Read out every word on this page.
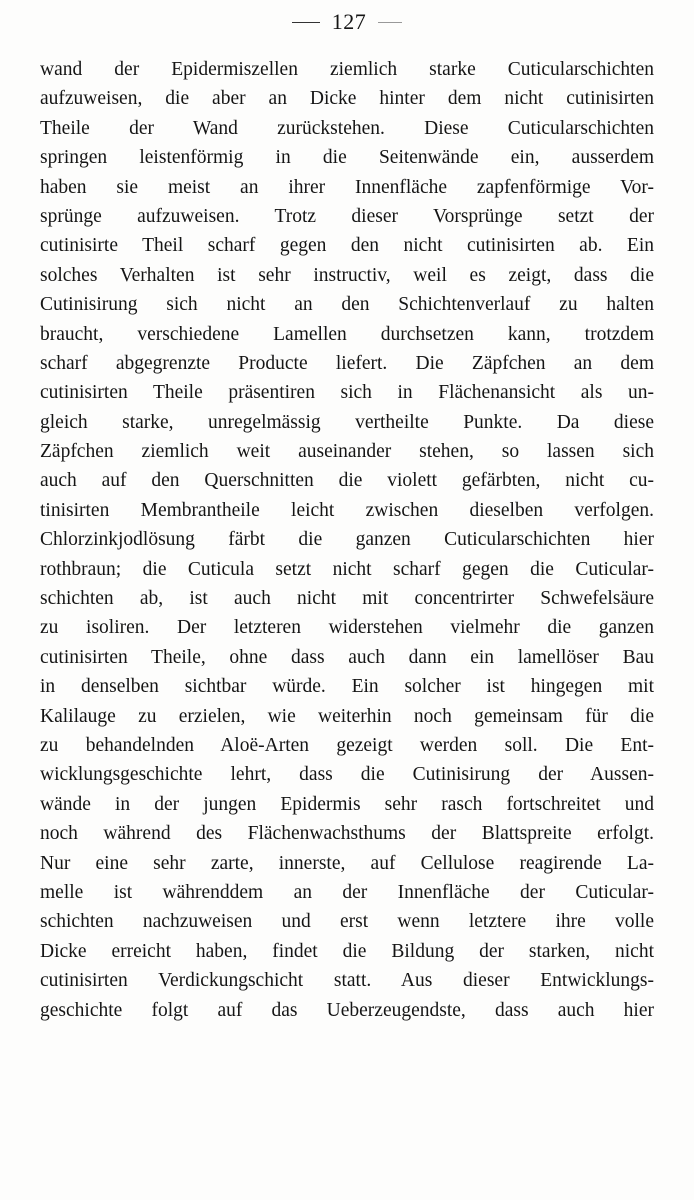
127
wand der Epidermiszellen ziemlich starke Cuticularschichten
aufzuweisen, die aber an Dicke hinter dem nicht cutinisirten
Theile der Wand zurückstehen. Diese Cuticularschichten
springen leistenförmig in die Seitenwände ein, ausserdem
haben sie meist an ihrer Innenfläche zapfenförmige Vor-
sprünge aufzuweisen. Trotz dieser Vorsprünge setzt der
cutinisirte Theil scharf gegen den nicht cutinisirten ab. Ein
solches Verhalten ist sehr instructiv, weil es zeigt, dass die
Cutinisirung sich nicht an den Schichtenverlauf zu halten
braucht, verschiedene Lamellen durchsetzen kann, trotzdem
scharf abgegrenzte Producte liefert. Die Zäpfchen an dem
cutinisirten Theile präsentiren sich in Flächenansicht als un-
gleich starke, unregelmässig vertheilte Punkte. Da diese
Zäpfchen ziemlich weit auseinander stehen, so lassen sich
auch auf den Querschnitten die violett gefärbten, nicht cu-
tinisirten Membrantheile leicht zwischen dieselben verfolgen.
Chlorzinkjodlösung färbt die ganzen Cuticularschichten hier
rothbraun; die Cuticula setzt nicht scharf gegen die Cuticular-
schichten ab, ist auch nicht mit concentrirter Schwefelsäure
zu isoliren. Der letzteren widerstehen vielmehr die ganzen
cutinisirten Theile, ohne dass auch dann ein lamellöser Bau
in denselben sichtbar würde. Ein solcher ist hingegen mit
Kalilauge zu erzielen, wie weiterhin noch gemeinsam für die
zu behandelnden Aloë-Arten gezeigt werden soll. Die Ent-
wicklungsgeschichte lehrt, dass die Cutinisirung der Aussen-
wände in der jungen Epidermis sehr rasch fortschreitet und
noch während des Flächenwachsthums der Blattspreite erfolgt.
Nur eine sehr zarte, innerste, auf Cellulose reagirende La-
melle ist währenddem an der Innenfläche der Cuticular-
schichten nachzuweisen und erst wenn letztere ihre volle
Dicke erreicht haben, findet die Bildung der starken, nicht
cutinisirten Verdickungschicht statt. Aus dieser Entwicklungs-
geschichte folgt auf das Ueberzeugendste, dass auch hier
